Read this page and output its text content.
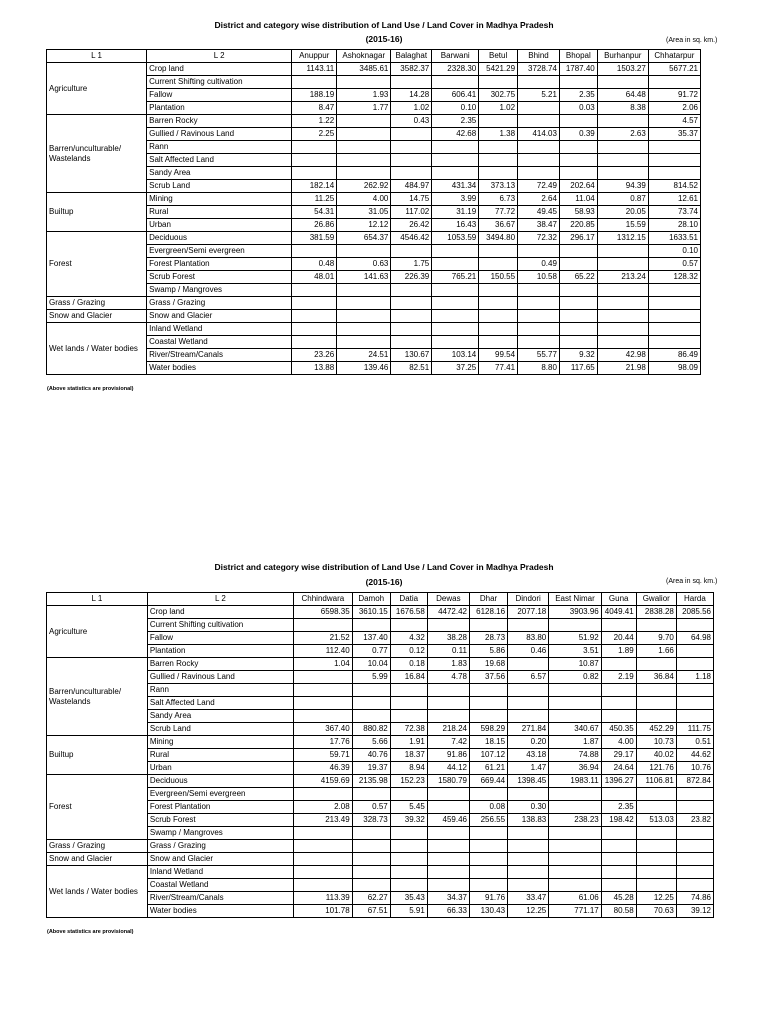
District and category wise distribution of Land Use / Land Cover in Madhya Pradesh
(2015-16)	(Area in sq. km.)
L 1	L 2	Anuppur	Ashoknagar	Balaghat	Barwani	Betul	Bhind	Bhopal	Burhanpur	Chhatarpur
Agriculture	Crop land	1143.11	3485.61	3582.37	2328.30	5421.29	3728.74	1787.40	1503.27	5677.21
	Current Shifting cultivation									
	Fallow	188.19	1.93	14.28	606.41	302.75	5.21	2.35	64.48	91.72
	Plantation	8.47	1.77	1.02	0.10	1.02		0.03	8.38	2.06
Barren/unculturable/ Wastelands	Barren Rocky	1.22		0.43	2.35					4.57
	Gullied / Ravinous Land	2.25			42.68	1.38	414.03	0.39	2.63	35.37
	Rann									
	Salt Affected Land									
	Sandy Area									
	Scrub Land	182.14	262.92	484.97	431.34	373.13	72.49	202.64	94.39	814.52
Builtup	Mining	11.25	4.00	14.75	3.99	6.73	2.64	11.04	0.87	12.61
	Rural	54.31	31.05	117.02	31.19	77.72	49.45	58.93	20.05	73.74
	Urban	26.86	12.12	26.42	16.43	36.67	38.47	220.85	15.59	28.10
Forest	Deciduous	381.59	654.37	4546.42	1053.59	3494.80	72.32	296.17	1312.15	1633.51
	Evergreen/Semi evergreen									0.10
	Forest Plantation	0.48	0.63	1.75			0.49			0.57
	Scrub Forest	48.01	141.63	226.39	765.21	150.55	10.58	65.22	213.24	128.32
	Swamp / Mangroves									
Grass / Grazing	Grass / Grazing									
Snow and Glacier	Snow and Glacier									
Wet lands / Water bodies	Inland Wetland									
	Coastal Wetland									
	River/Stream/Canals	23.26	24.51	130.67	103.14	99.54	55.77	9.32	42.98	86.49
	Water bodies	13.88	139.46	82.51	37.25	77.41	8.80	117.65	21.98	98.09
(Above statistics are provisional)
District and category wise distribution of Land Use / Land Cover in Madhya Pradesh
(2015-16)	(Area in sq. km.)
L 1	L 2	Chhindwara	Damoh	Datia	Dewas	Dhar	Dindori	East Nimar	Guna	Gwalior	Harda
Agriculture	Crop land	6598.35	3610.15	1676.58	4472.42	6128.16	2077.18	3903.96	4049.41	2838.28	2085.56
	Current Shifting cultivation										
	Fallow	21.52	137.40	4.32	38.28	28.73	83.80	51.92	20.44	9.70	64.98
	Plantation	112.40	0.77	0.12	0.11	5.86	0.46	3.51	1.89	1.66	
Barren/unculturable/ Wastelands	Barren Rocky	1.04	10.04	0.18	1.83	19.68		10.87			
	Gullied / Ravinous Land		5.99	16.84	4.78	37.56	6.57	0.82	2.19	36.84	1.18
	Rann										
	Salt Affected Land										
	Sandy Area										
	Scrub Land	367.40	880.82	72.38	218.24	598.29	271.84	340.67	450.35	452.29	111.75
Builtup	Mining	17.76	5.66	1.91	7.42	18.15	0.20	1.87	4.00	10.73	0.51
	Rural	59.71	40.76	18.37	91.86	107.12	43.18	74.88	29.17	40.02	44.62
	Urban	46.39	19.37	8.94	44.12	61.21	1.47	36.94	24.64	121.76	10.76
Forest	Deciduous	4159.69	2135.98	152.23	1580.79	669.44	1398.45	1983.11	1396.27	1106.81	872.84
	Evergreen/Semi evergreen										
	Forest Plantation	2.08	0.57	5.45		0.08	0.30		2.35		
	Scrub Forest	213.49	328.73	39.32	459.46	256.55	138.83	238.23	198.42	513.03	23.82
	Swamp / Mangroves										
Grass / Grazing	Grass / Grazing										
Snow and Glacier	Snow and Glacier										
Wet lands / Water bodies	Inland Wetland										
	Coastal Wetland										
	River/Stream/Canals	113.39	62.27	35.43	34.37	91.76	33.47	61.06	45.28	12.25	74.86
	Water bodies	101.78	67.51	5.91	66.33	130.43	12.25	771.17	80.58	70.63	39.12
(Above statistics are provisional)
